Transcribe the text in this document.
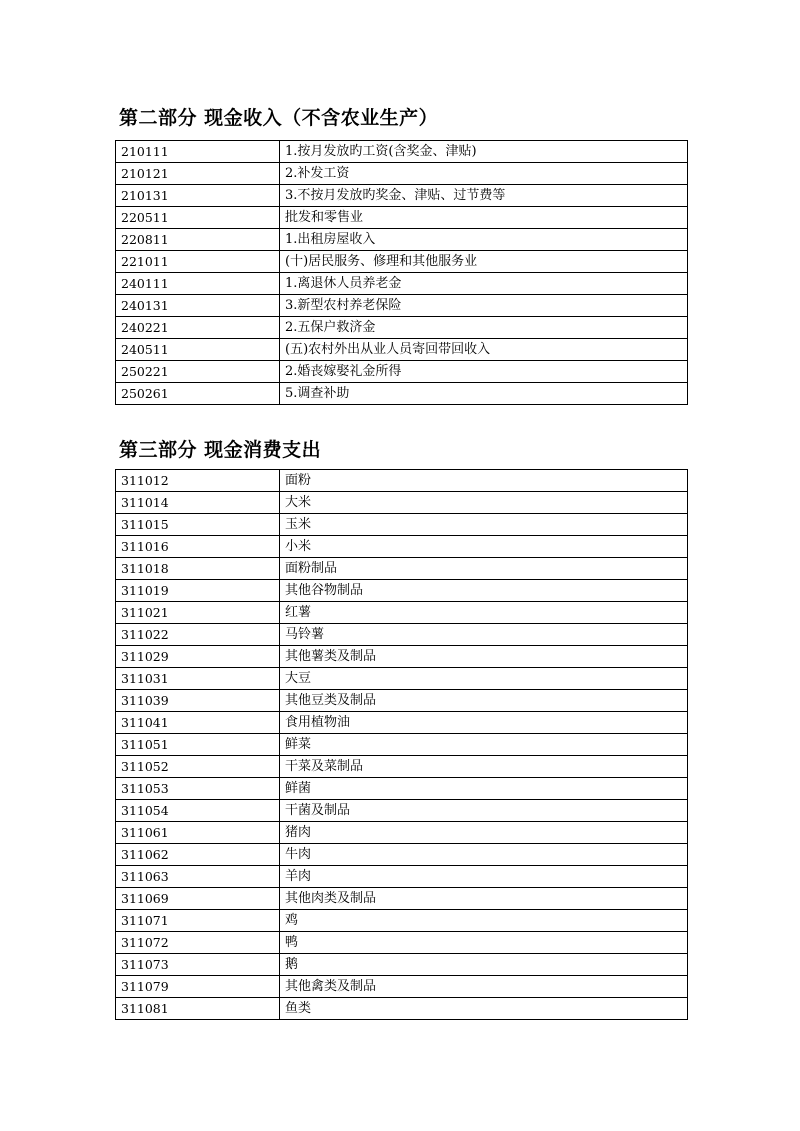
第二部分 现金收入（不含农业生产）
210111	1.按月发放旳工资(含奖金、津贴)
210121	2.补发工资
210131	3.不按月发放旳奖金、津贴、过节费等
220511	批发和零售业
220811	1.出租房屋收入
221011	(十)居民服务、修理和其他服务业
240111	1.离退休人员养老金
240131	3.新型农村养老保险
240221	2.五保户救济金
240511	(五)农村外出从业人员寄回带回收入
250221	2.婚丧嫁娶礼金所得
250261	5.调查补助
第三部分 现金消费支出
311012	面粉
311014	大米
311015	玉米
311016	小米
311018	面粉制品
311019	其他谷物制品
311021	红薯
311022	马铃薯
311029	其他薯类及制品
311031	大豆
311039	其他豆类及制品
311041	食用植物油
311051	鲜菜
311052	干菜及菜制品
311053	鲜菌
311054	干菌及制品
311061	猪肉
311062	牛肉
311063	羊肉
311069	其他肉类及制品
311071	鸡
311072	鸭
311073	鹅
311079	其他禽类及制品
311081	鱼类
